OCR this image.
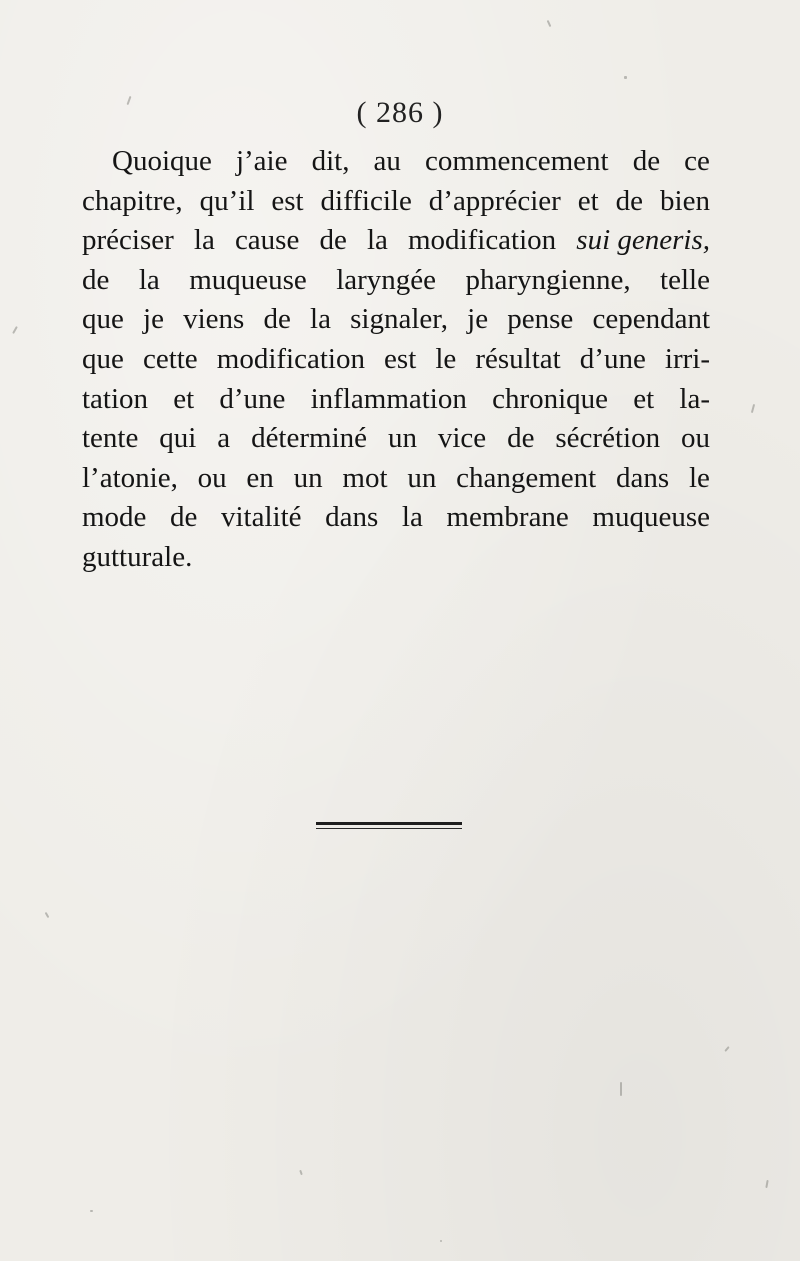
( 286 )
Quoique j’aie dit, au commencement de ce
chapitre, qu’il est difficile d’apprécier et de bien
préciser la cause de la modification sui generis,
de la muqueuse laryngée pharyngienne, telle
que je viens de la signaler, je pense cependant
que cette modification est le résultat d’une irri-
tation et d’une inflammation chronique et la-
tente qui a déterminé un vice de sécrétion ou
l’atonie, ou en un mot un changement dans le
mode de vitalité dans la membrane muqueuse
gutturale.
